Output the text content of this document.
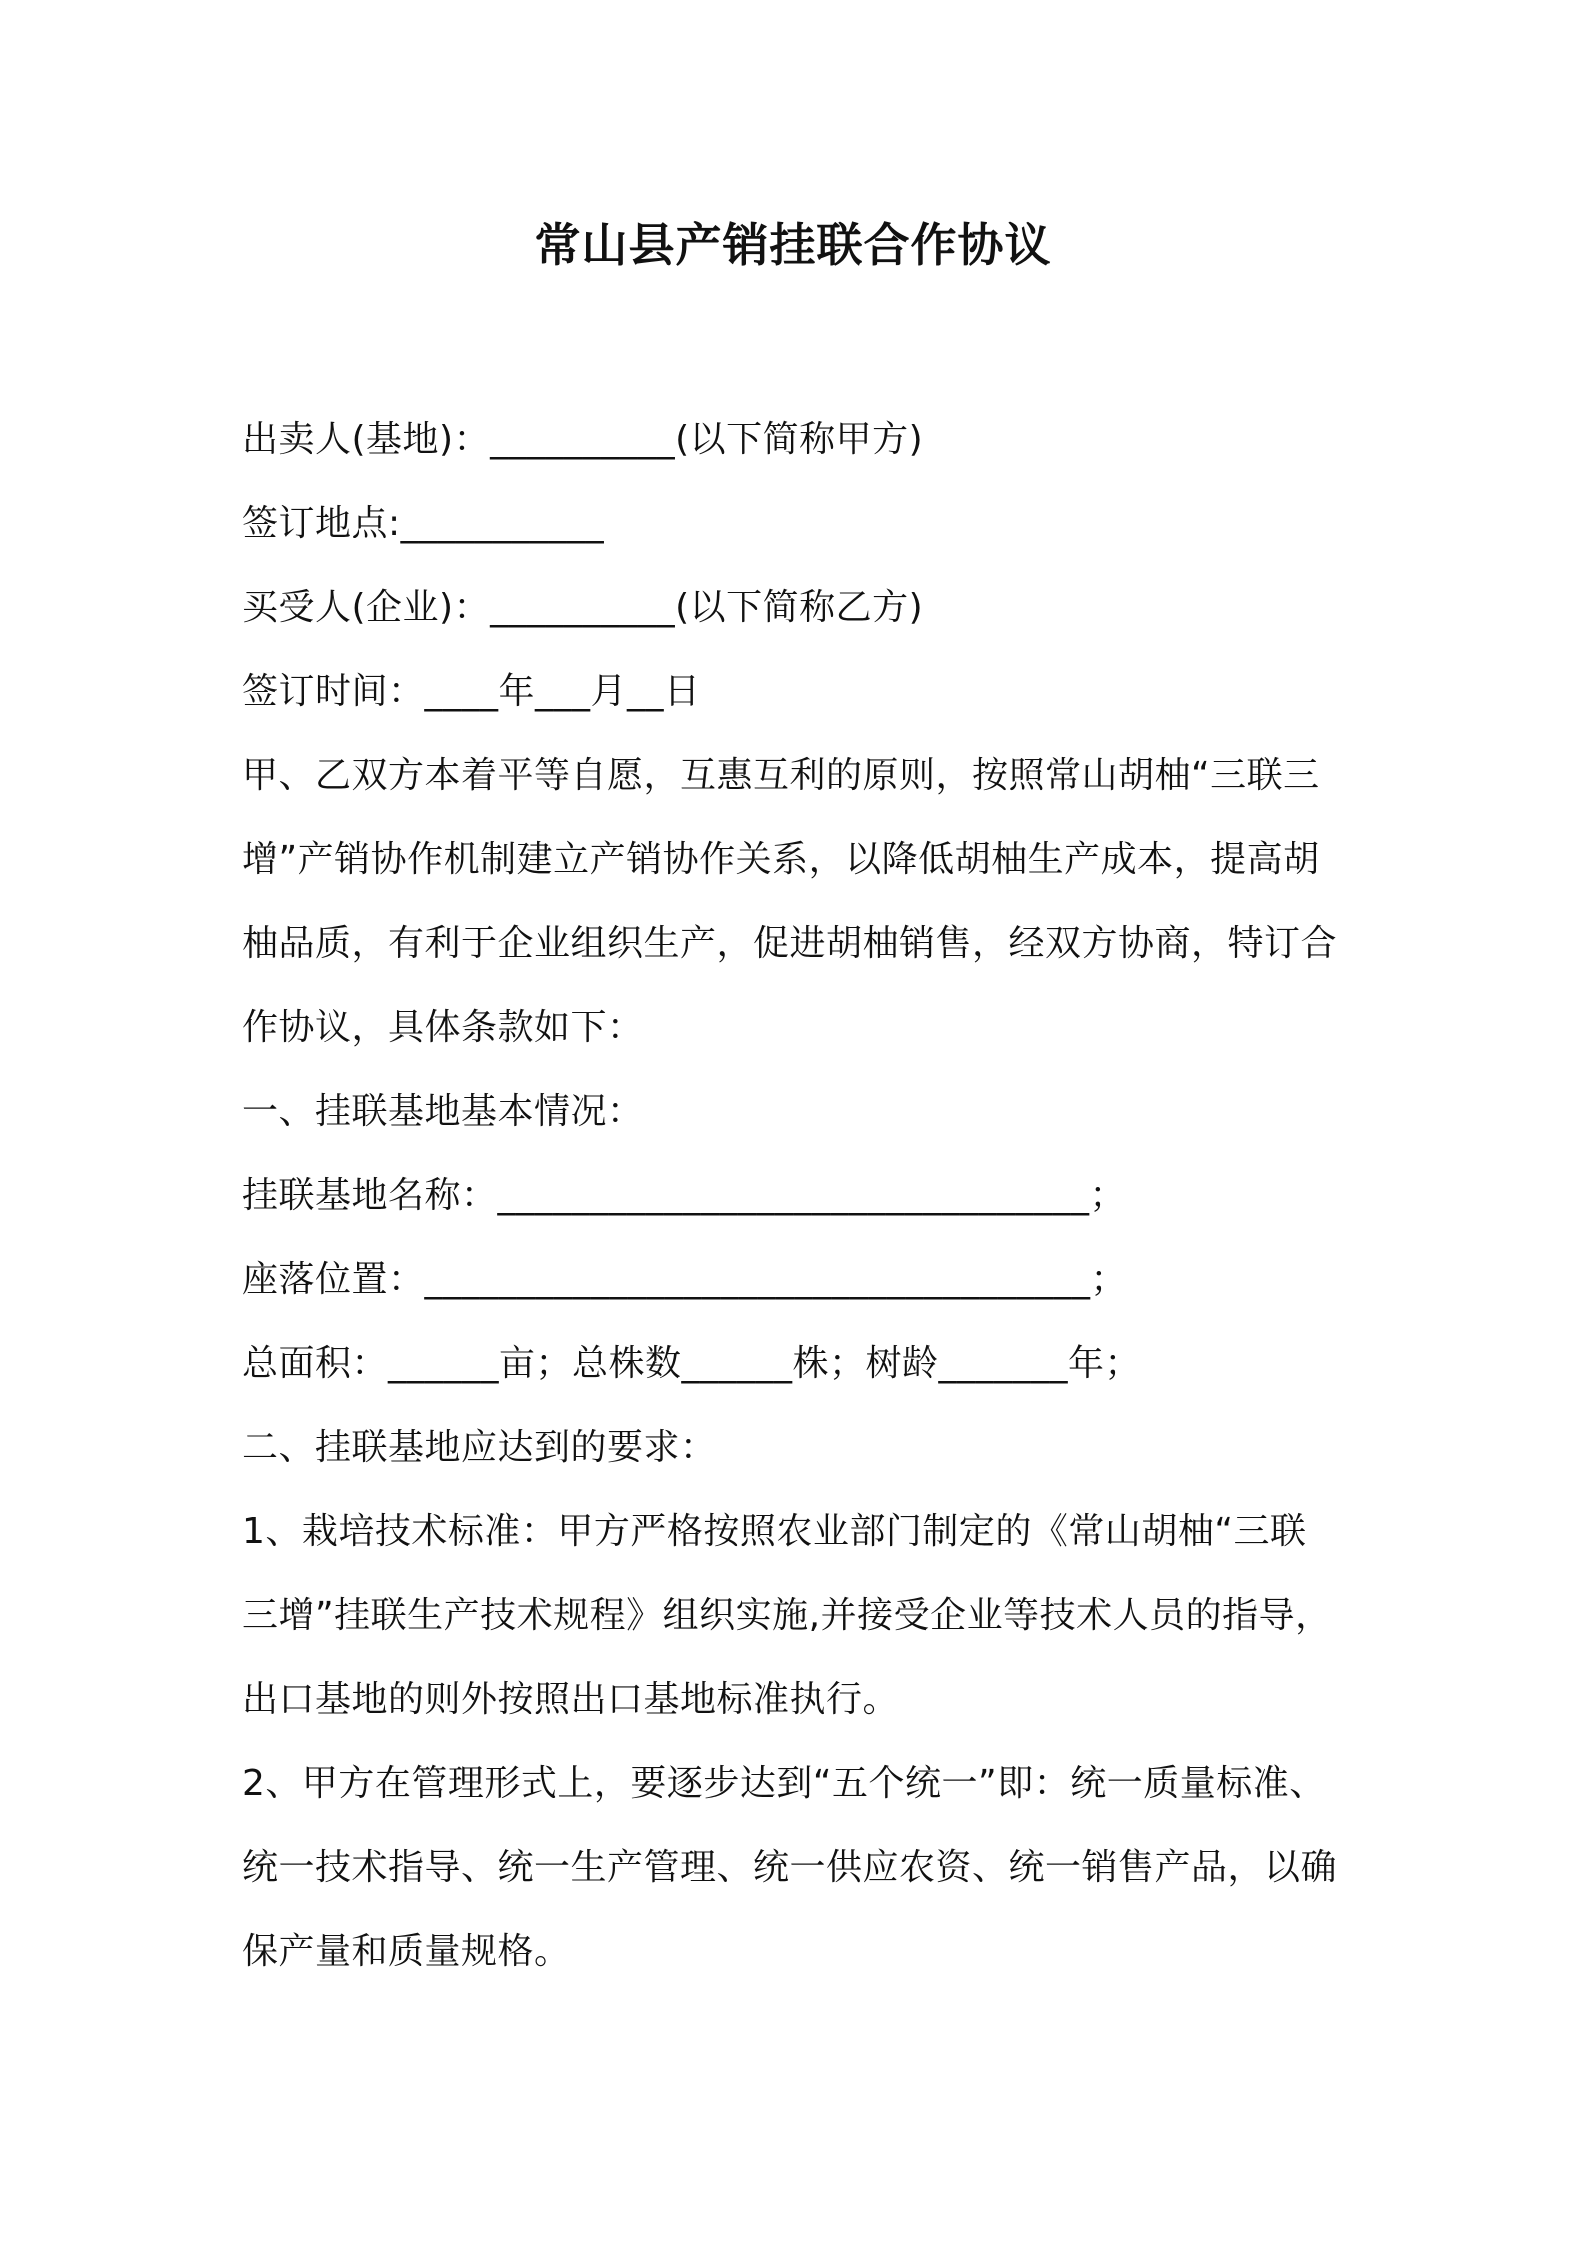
常山县产销挂联合作协议
出卖人(基地)：__________(以下简称甲方)
签订地点:___________
买受人(企业)：__________(以下简称乙方)
签订时间：____年___月__日
甲、乙双方本着平等自愿，互惠互利的原则，按照常山胡柚“三联三
增”产销协作机制建立产销协作关系，以降低胡柚生产成本，提高胡
柚品质，有利于企业组织生产，促进胡柚销售，经双方协商，特订合
作协议，具体条款如下：
一、挂联基地基本情况：
挂联基地名称：________________________________；
座落位置：____________________________________；
总面积：______亩；总株数______株；树龄_______年；
二、挂联基地应达到的要求：
1、栽培技术标准：甲方严格按照农业部门制定的《常山胡柚“三联
三增”挂联生产技术规程》组织实施,并接受企业等技术人员的指导，
出口基地的则外按照出口基地标准执行。
2、甲方在管理形式上，要逐步达到“五个统一”即：统一质量标准、
统一技术指导、统一生产管理、统一供应农资、统一销售产品，以确
保产量和质量规格。
